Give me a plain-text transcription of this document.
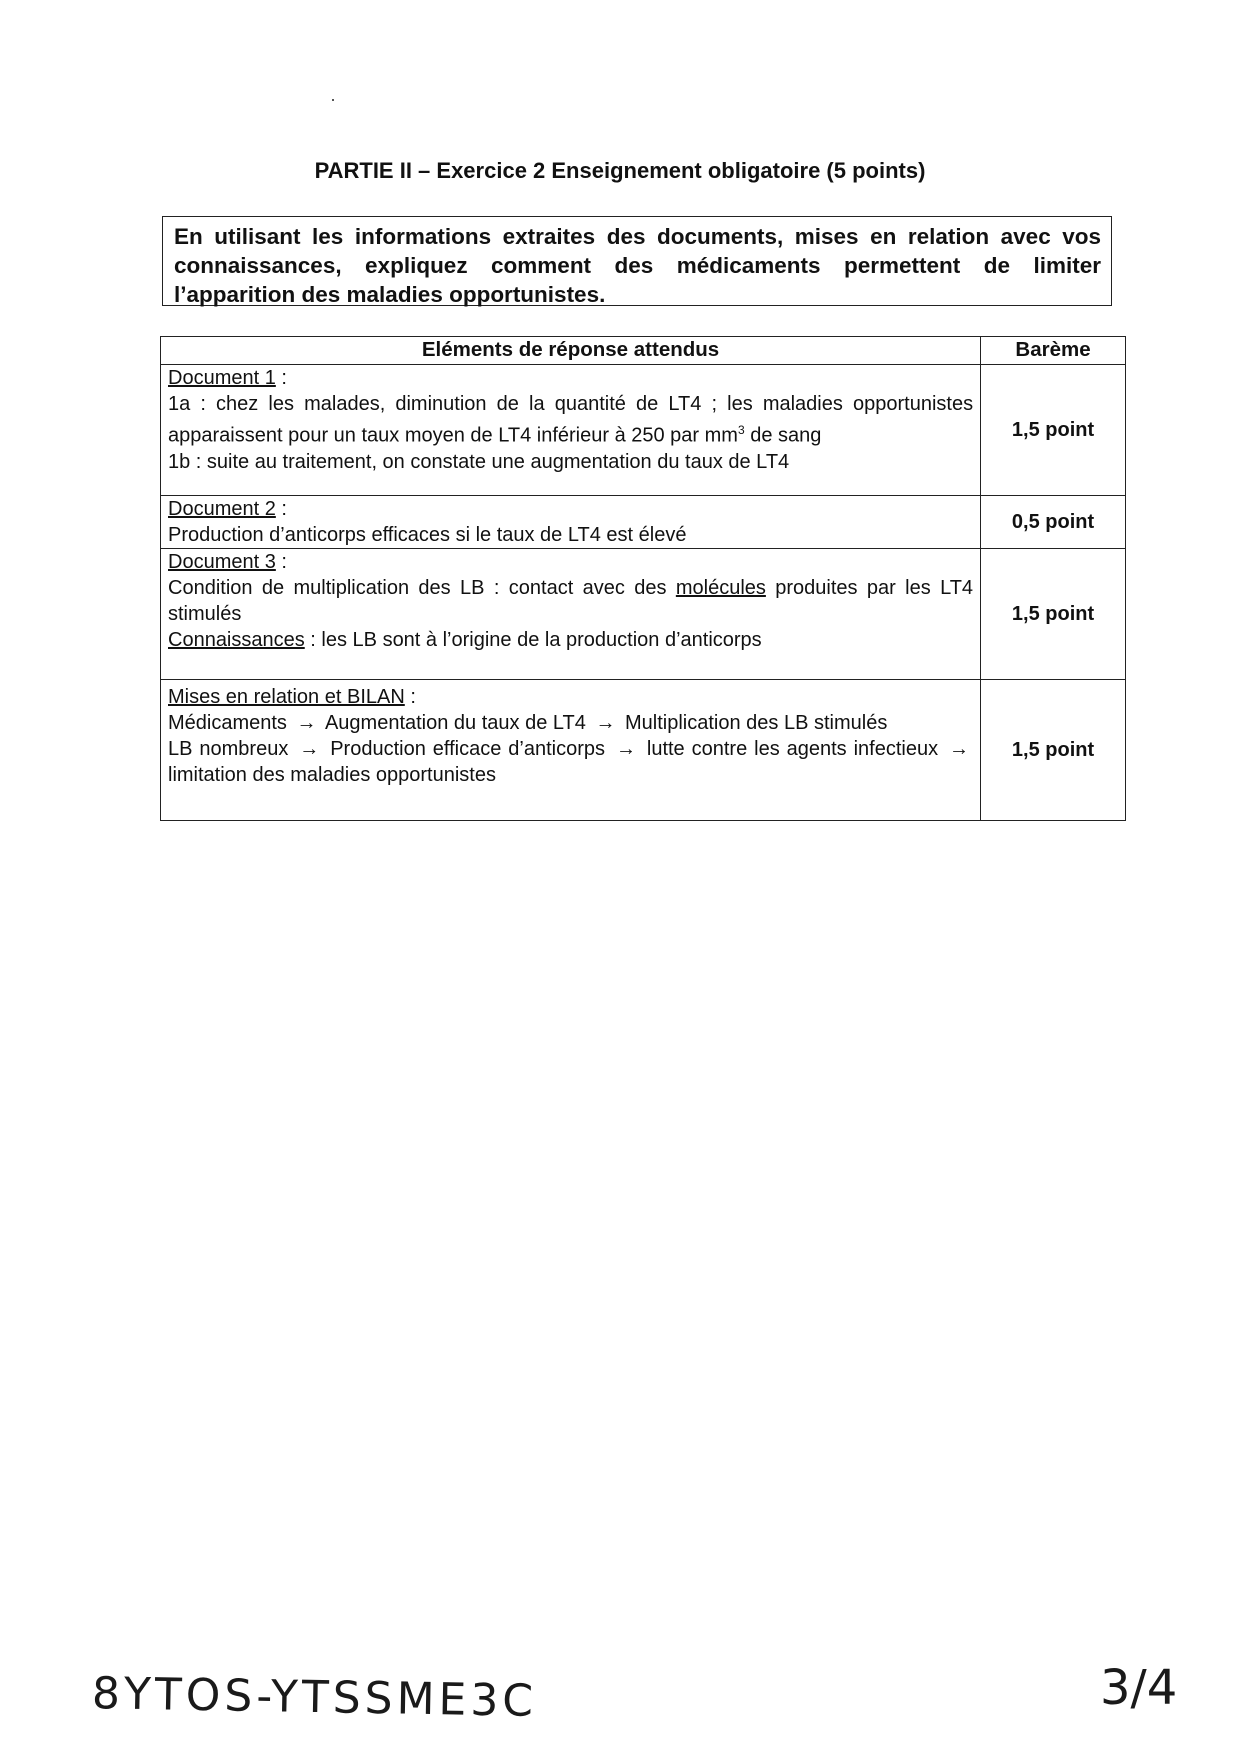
PARTIE II – Exercice 2 Enseignement obligatoire (5 points)
En utilisant les informations extraites des documents, mises en relation avec vos connaissances, expliquez comment des médicaments permettent de limiter l’apparition des maladies opportunistes.
Eléments de réponse attendus	Barème

Document 1 :
1a : chez les malades, diminution de la quantité de LT4 ; les maladies opportunistes apparaissent pour un taux moyen de LT4 inférieur à 250 par $mm^3$ de sang
1b : suite au traitement, on constate une augmentation du taux de LT4	1,5 point

Document 2 :
Production d’anticorps efficaces si le taux de LT4 est élevé	0,5 point

Document 3 :
Condition de multiplication des LB : contact avec des molécules produites par les LT4 stimulés
Connaissances : les LB sont à l’origine de la production d’anticorps	1,5 point

Mises en relation et BILAN :
Médicaments → Augmentation du taux de LT4 → Multiplication des LB stimulés
LB nombreux → Production efficace d’anticorps → lutte contre les agents infectieux → limitation des maladies opportunistes	1,5 point
8YTOS-YTSSME3C	3/4
